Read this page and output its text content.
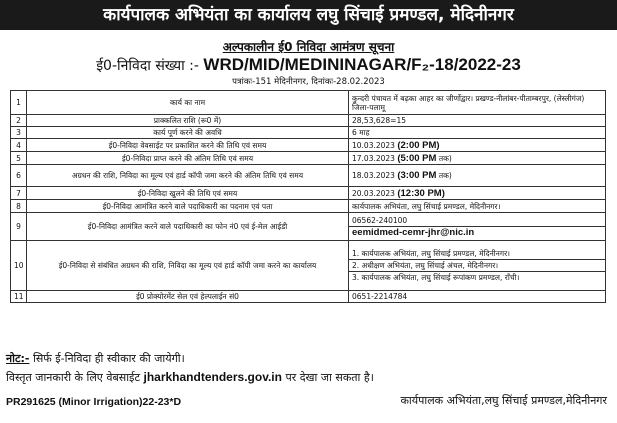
कार्यपालक अभियंता का कार्यालय लघु सिंचाई प्रमण्डल, मेदिनीनगर
अल्पकालीन ई0 निविदा आमंत्रण सूचना
ई0-निविदा संख्या :- WRD/MID/MEDININAGAR/F₂-18/2022-23
पत्रांकः-151 मेदिनीनगर, दिनांकः-28.02.2023
1	कार्य का नाम	कुन्दरी पंचायत में बढ़का आहर का जीर्णोद्वार। प्रखण्ड-नीलांबर-पीताम्बरपुर, (लेस्लीगंज) जिला-पलामू
2	प्राक्कलित राशि (रू0 में)	28,53,628=15
3	कार्य पूर्ण करने की अवधि	6 माह
4	ई0-निविदा वेवसाईट पर प्रकाशित करने की तिथि एवं समय	10.03.2023 (2:00 PM)
5	ई0-निविदा प्राप्त करने की अंतिम तिथि एवं समय	17.03.2023 (5:00 PM तक)
6	अग्रधन की राशि, निविदा का मूल्य एवं हार्ड कॉपी जमा करने की अंतिम तिथि एवं समय	18.03.2023 (3:00 PM तक)
7	ई0-निविदा खुलने की तिथि एवं समय	20.03.2023 (12:30 PM)
8	ई0-निविदा आमंत्रित करने वाले पदाधिकारी का पदनाम एवं पता	कार्यपालक अभियंता, लघु सिंचाई प्रमण्डल, मेदिनीनगर।
9	ई0-निविदा आमंत्रित करने वाले पदाधिकारी का फोन नं0 एवं ई-मेल आईडी	06562-240100
eemidmed-cemr-jhr@nic.in

10	ई0-निविदा से संबंधित अग्रधन की राशि, निविदा का मूल्य एवं हार्ड कॉपी जमा करने का कार्यालय	1. कार्यपालक अभियंता, लघु सिंचाई प्रमण्डल, मेदिनीनगर।
2. अधीक्षण अभियंता, लघु सिंचाई अंचल, मेदिनीनगर।
3. कार्यपालक अभियंता, लघु सिंचाई रूपांकण प्रमण्डल, राँची।

11	ई0 प्रोक्योरमेंट सेल एवं हेल्पलाईन सं0	0651-2214784
नोट:- सिर्फ ई-निविदा ही स्वीकार की जायेगी।
विस्तृत जानकारी के लिए वेबसाईट jharkhandtenders.gov.in पर देखा जा सकता है।
PR291625 (Minor Irrigation)22-23*D	कार्यपालक अभियंता,लघु सिंचाई प्रमण्डल,मेदिनीनगर
